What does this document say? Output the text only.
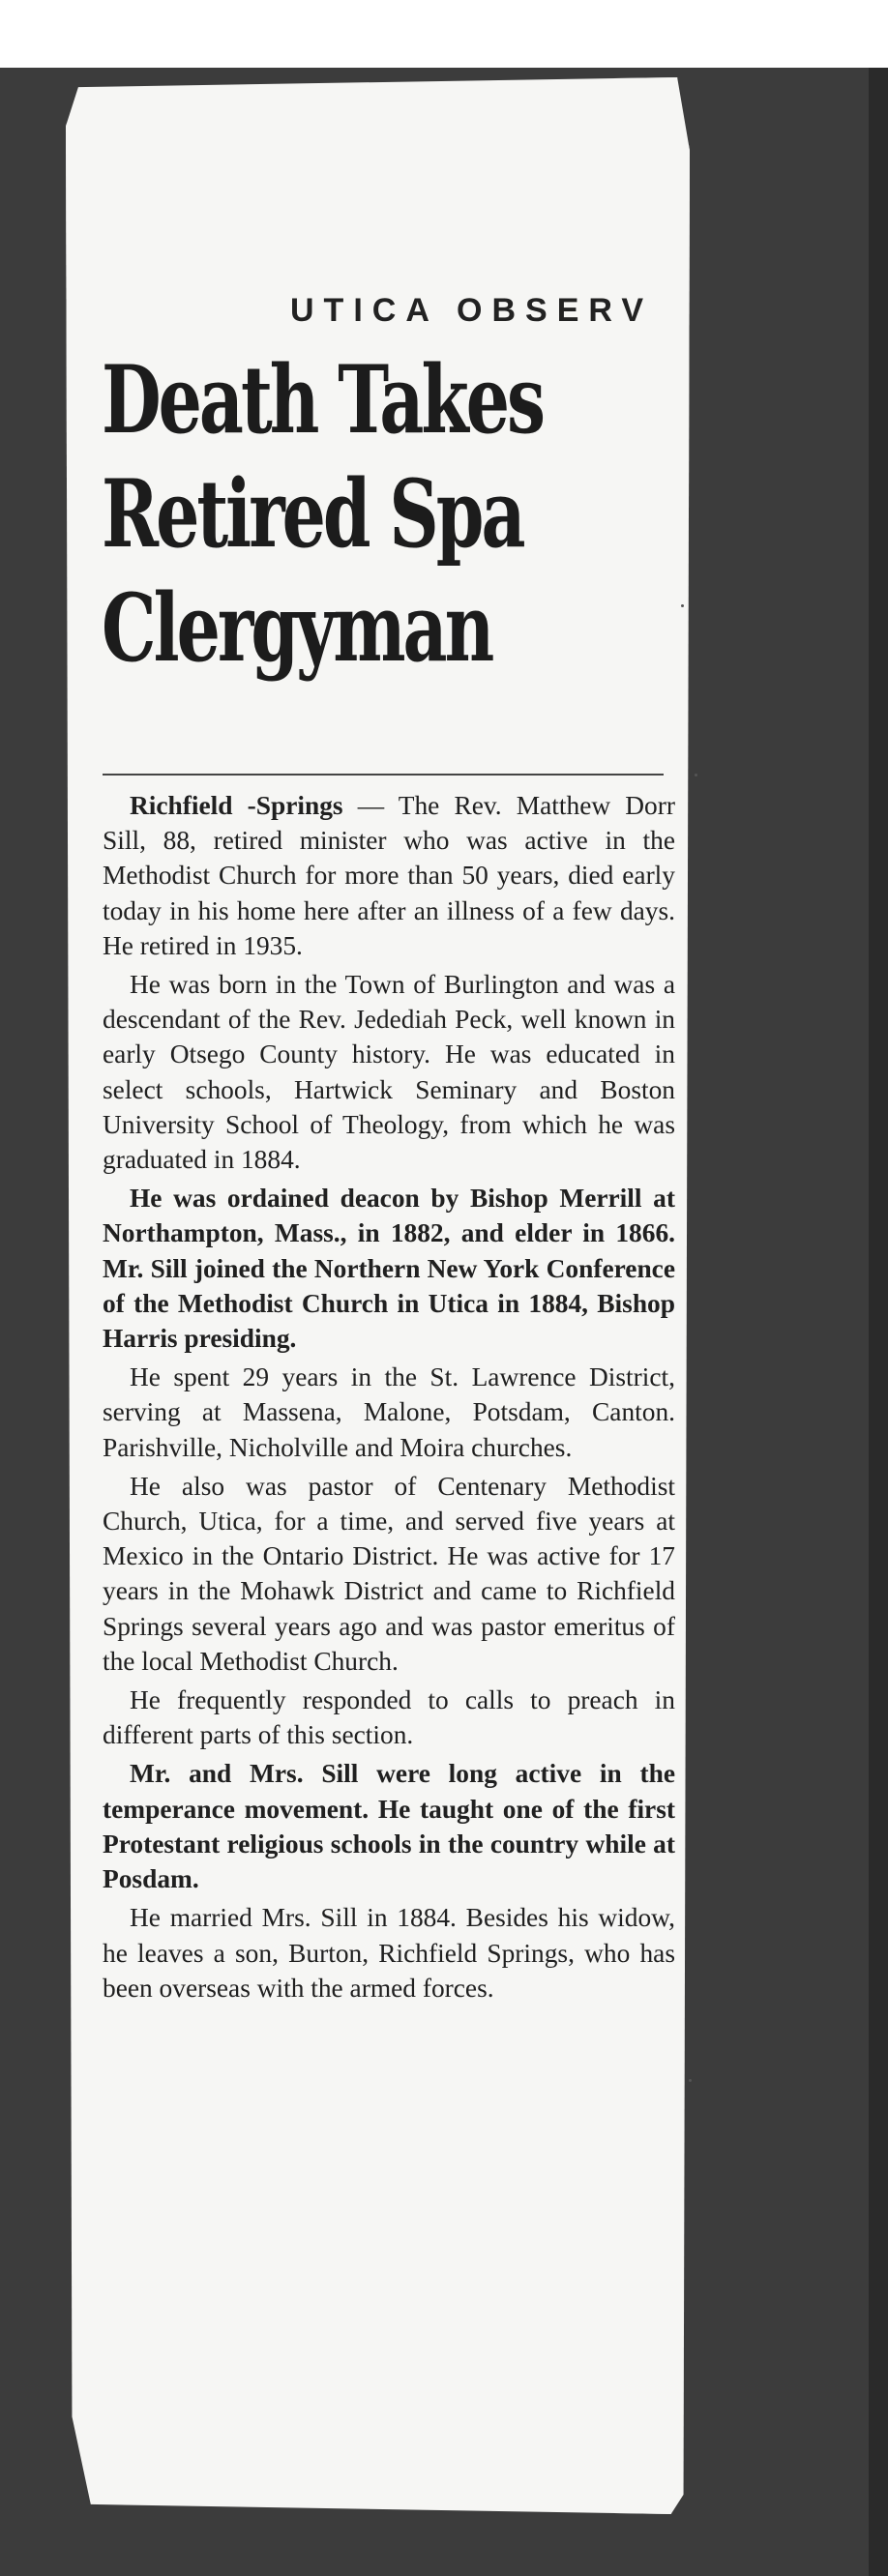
UTICA OBSERV
Death Takes
Retired Spa
Clergyman

Richfield -Springs — The Rev. Matthew Dorr Sill, 88, retired minister who was active in the Methodist Church for more than 50 years, died early today in his home here after an illness of a few days. He retired in 1935.

He was born in the Town of Burlington and was a descendant of the Rev. Jedediah Peck, well known in early Otsego County history. He was educated in select schools, Hartwick Seminary and Boston University School of Theology, from which he was graduated in 1884.

He was ordained deacon by Bishop Merrill at Northampton, Mass., in 1882, and elder in 1866. Mr. Sill joined the Northern New York Conference of the Methodist Church in Utica in 1884, Bishop Harris presiding.

He spent 29 years in the St. Lawrence District, serving at Massena, Malone, Potsdam, Canton. Parishville, Nicholville and Moira churches.

He also was pastor of Centenary Methodist Church, Utica, for a time, and served five years at Mexico in the Ontario District. He was active for 17 years in the Mohawk District and came to Richfield Springs several years ago and was pastor emeritus of the local Methodist Church.

He frequently responded to calls to preach in different parts of this section.

Mr. and Mrs. Sill were long active in the temperance movement. He taught one of the first Protestant religious schools in the country while at Posdam.

He married Mrs. Sill in 1884. Besides his widow, he leaves a son, Burton, Richfield Springs, who has been overseas with the armed forces.
